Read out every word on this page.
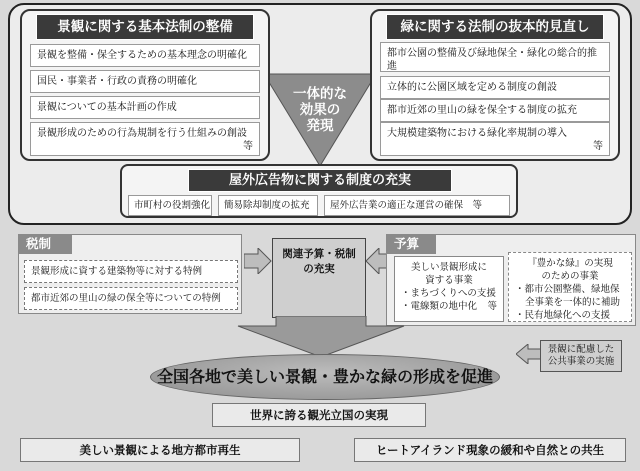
一体的な
効果の
発現
景観に関する基本法制の整備
景観を整備・保全するための基本理念の明確化
国民・事業者・行政の責務の明確化
景観についての基本計画の作成
景観形成のための行為規制を行う仕組みの創設
等
緑に関する法制の抜本的見直し
都市公園の整備及び緑地保全・緑化の総合的推進
立体的に公園区域を定める制度の創設
都市近郊の里山の緑を保全する制度の拡充
大規模建築物における緑化率規制の導入
等
屋外広告物に関する制度の充実
市町村の役割強化	簡易除却制度の拡充	屋外広告業の適正な運営の確保　等
税制
景観形成に資する建築物等に対する特例
都市近郊の里山の緑の保全等についての特例
関連予算・税制
の充実
予算
美しい景観形成に
資する事業
・まちづくりへの支援
・電線類の地中化 等
『豊かな緑』の実現
のための事業
・都市公園整備、緑地保
全事業を一体的に補助
・民有地緑化への支援
景観に配慮した
公共事業の実施
全国各地で美しい景観・豊かな緑の形成を促進
世界に誇る観光立国の実現
美しい景観による地方都市再生	ヒートアイランド現象の緩和や自然との共生
